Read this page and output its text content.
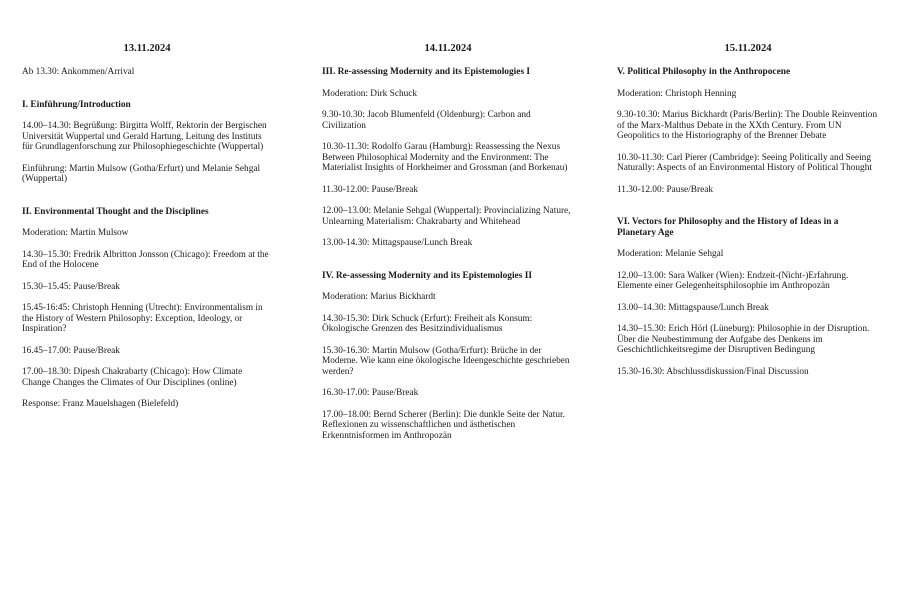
13.11.2024
Ab 13.30: Ankommen/Arrival
I. Einführung/Introduction
14.00–14.30: Begrüßung: Birgitta Wolff, Rektorin der Bergischen Universität Wuppertal und Gerald Hartung, Leitung des Instituts für Grundlagenforschung zur Philosophiegeschichte (Wuppertal)
Einführung: Martin Mulsow (Gotha/Erfurt) und Melanie Sehgal (Wuppertal)
II. Environmental Thought and the Disciplines
Moderation: Martin Mulsow
14.30–15.30: Fredrik Albritton Jonsson (Chicago): Freedom at the End of the Holocene
15.30–15.45: Pause/Break
15.45-16:45: Christoph Henning (Utrecht): Environmentalism in the History of Western Philosophy: Exception, Ideology, or Inspiration?
16.45–17.00: Pause/Break
17.00–18.30: Dipesh Chakrabarty (Chicago): How Climate Change Changes the Climates of Our Disciplines (online)
Response: Franz Mauelshagen (Bielefeld)
14.11.2024
III. Re-assessing Modernity and its Epistemologies I
Moderation: Dirk Schuck
9.30-10.30: Jacob Blumenfeld (Oldenburg): Carbon and Civilization
10.30-11.30: Rodolfo Garau (Hamburg): Reassessing the Nexus Between Philosophical Modernity and the Environment: The Materialist Insights of Horkheimer and Grossman (and Borkenau)
11.30-12.00: Pause/Break
12.00–13.00: Melanie Sehgal (Wuppertal): Provincializing Nature, Unlearning Materialism: Chakrabarty and Whitehead
13.00-14.30: Mittagspause/Lunch Break
IV. Re-assessing Modernity and its Epistemologies II
Moderation: Marius Bickhardt
14.30-15.30: Dirk Schuck (Erfurt): Freiheit als Konsum: Ökologische Grenzen des Besitzindividualismus
15.30-16.30: Martin Mulsow (Gotha/Erfurt): Brüche in der Moderne. Wie kann eine ökologische Ideengeschichte geschrieben werden?
16.30-17.00: Pause/Break
17.00–18.00: Bernd Scherer (Berlin): Die dunkle Seite der Natur. Reflexionen zu wissenschaftlichen und ästhetischen Erkenntnisformen im Anthropozän
15.11.2024
V. Political Philosophy in the Anthropocene
Moderation: Christoph Henning
9.30-10.30: Marius Bickhardt (Paris/Berlin): The Double Reinvention of the Marx-Malthus Debate in the XXth Century. From UN Geopolitics to the Historiography of the Brenner Debate
10.30-11.30: Carl Pierer (Cambridge): Seeing Politically and Seeing Naturally: Aspects of an Environmental History of Political Thought
11.30-12.00: Pause/Break
VI. Vectors for Philosophy and the History of Ideas in a Planetary Age
Moderation: Melanie Sehgal
12.00–13.00: Sara Walker (Wien): Endzeit-(Nicht-)Erfahrung. Elemente einer Gelegenheitsphilosophie im Anthropozän
13.00–14.30: Mittagspause/Lunch Break
14.30–15.30: Erich Hörl (Lüneburg): Philosophie in der Disruption. Über die Neubestimmung der Aufgabe des Denkens im Geschichtlichkeitsregime der Disruptiven Bedingung
15.30-16.30: Abschlussdiskussion/Final Discussion
